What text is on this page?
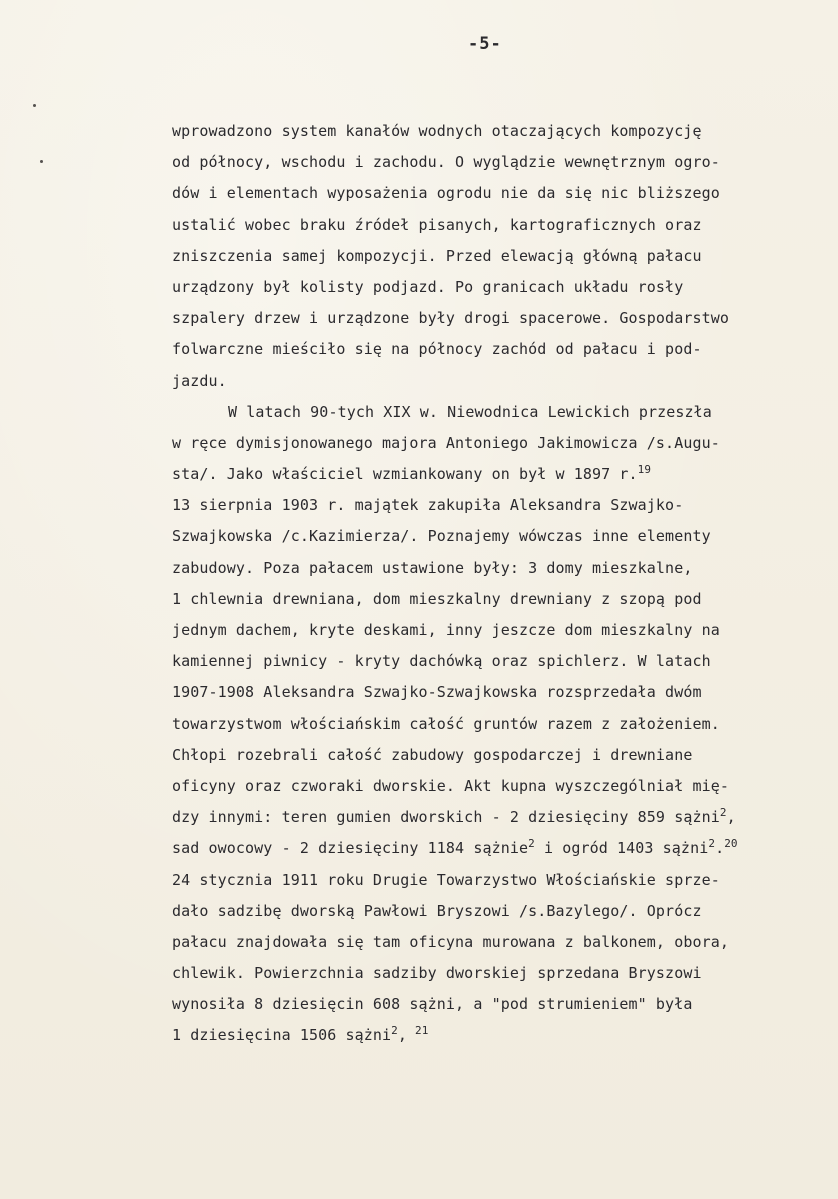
-5-
wprowadzono system kanałów wodnych otaczających kompozycję
od północy, wschodu i zachodu. O wyglądzie wewnętrznym ogro-
dów i elementach wyposażenia ogrodu nie da się nic bliższego
ustalić wobec braku źródeł pisanych, kartograficznych oraz
zniszczenia samej kompozycji. Przed elewacją główną pałacu
urządzony był kolisty podjazd. Po granicach układu rosły
szpalery drzew i urządzone były drogi spacerowe. Gospodarstwo
folwarczne mieściło się na północy zachód od pałacu i pod-
jazdu.
W latach 90-tych XIX w. Niewodnica Lewickich przeszła
w ręce dymisjonowanego majora Antoniego Jakimowicza /s.Augu-
sta/. Jako właściciel wzmiankowany on był w 1897 r.$^{19}$
13 sierpnia 1903 r. majątek zakupiła Aleksandra Szwajko-
Szwajkowska /c.Kazimierza/. Poznajemy wówczas inne elementy
zabudowy. Poza pałacem ustawione były: 3 domy mieszkalne,
1 chlewnia drewniana, dom mieszkalny drewniany z szopą pod
jednym dachem, kryte deskami, inny jeszcze dom mieszkalny na
kamiennej piwnicy - kryty dachówką oraz spichlerz. W latach
1907-1908 Aleksandra Szwajko-Szwajkowska rozsprzedała dwóm
towarzystwom włościańskim całość gruntów razem z założeniem.
Chłopi rozebrali całość zabudowy gospodarczej i drewniane
oficyny oraz czworaki dworskie. Akt kupna wyszczególniał mię-
dzy innymi: teren gumien dworskich - 2 dziesięciny 859 sążni$^2$,
sad owocowy - 2 dziesięciny 1184 sążnie$^2$ i ogród 1403 sążni$^2$.$^{20}$
24 stycznia 1911 roku Drugie Towarzystwo Włościańskie sprze-
dało sadzibę dworską Pawłowi Bryszowi /s.Bazylego/. Oprócz
pałacu znajdowała się tam oficyna murowana z balkonem, obora,
chlewik. Powierzchnia sadziby dworskiej sprzedana Bryszowi
wynosiła 8 dziesięcin 608 sążni, a "pod strumieniem" była
1 dziesięcina 1506 sążni$^2$, $^{21}$
